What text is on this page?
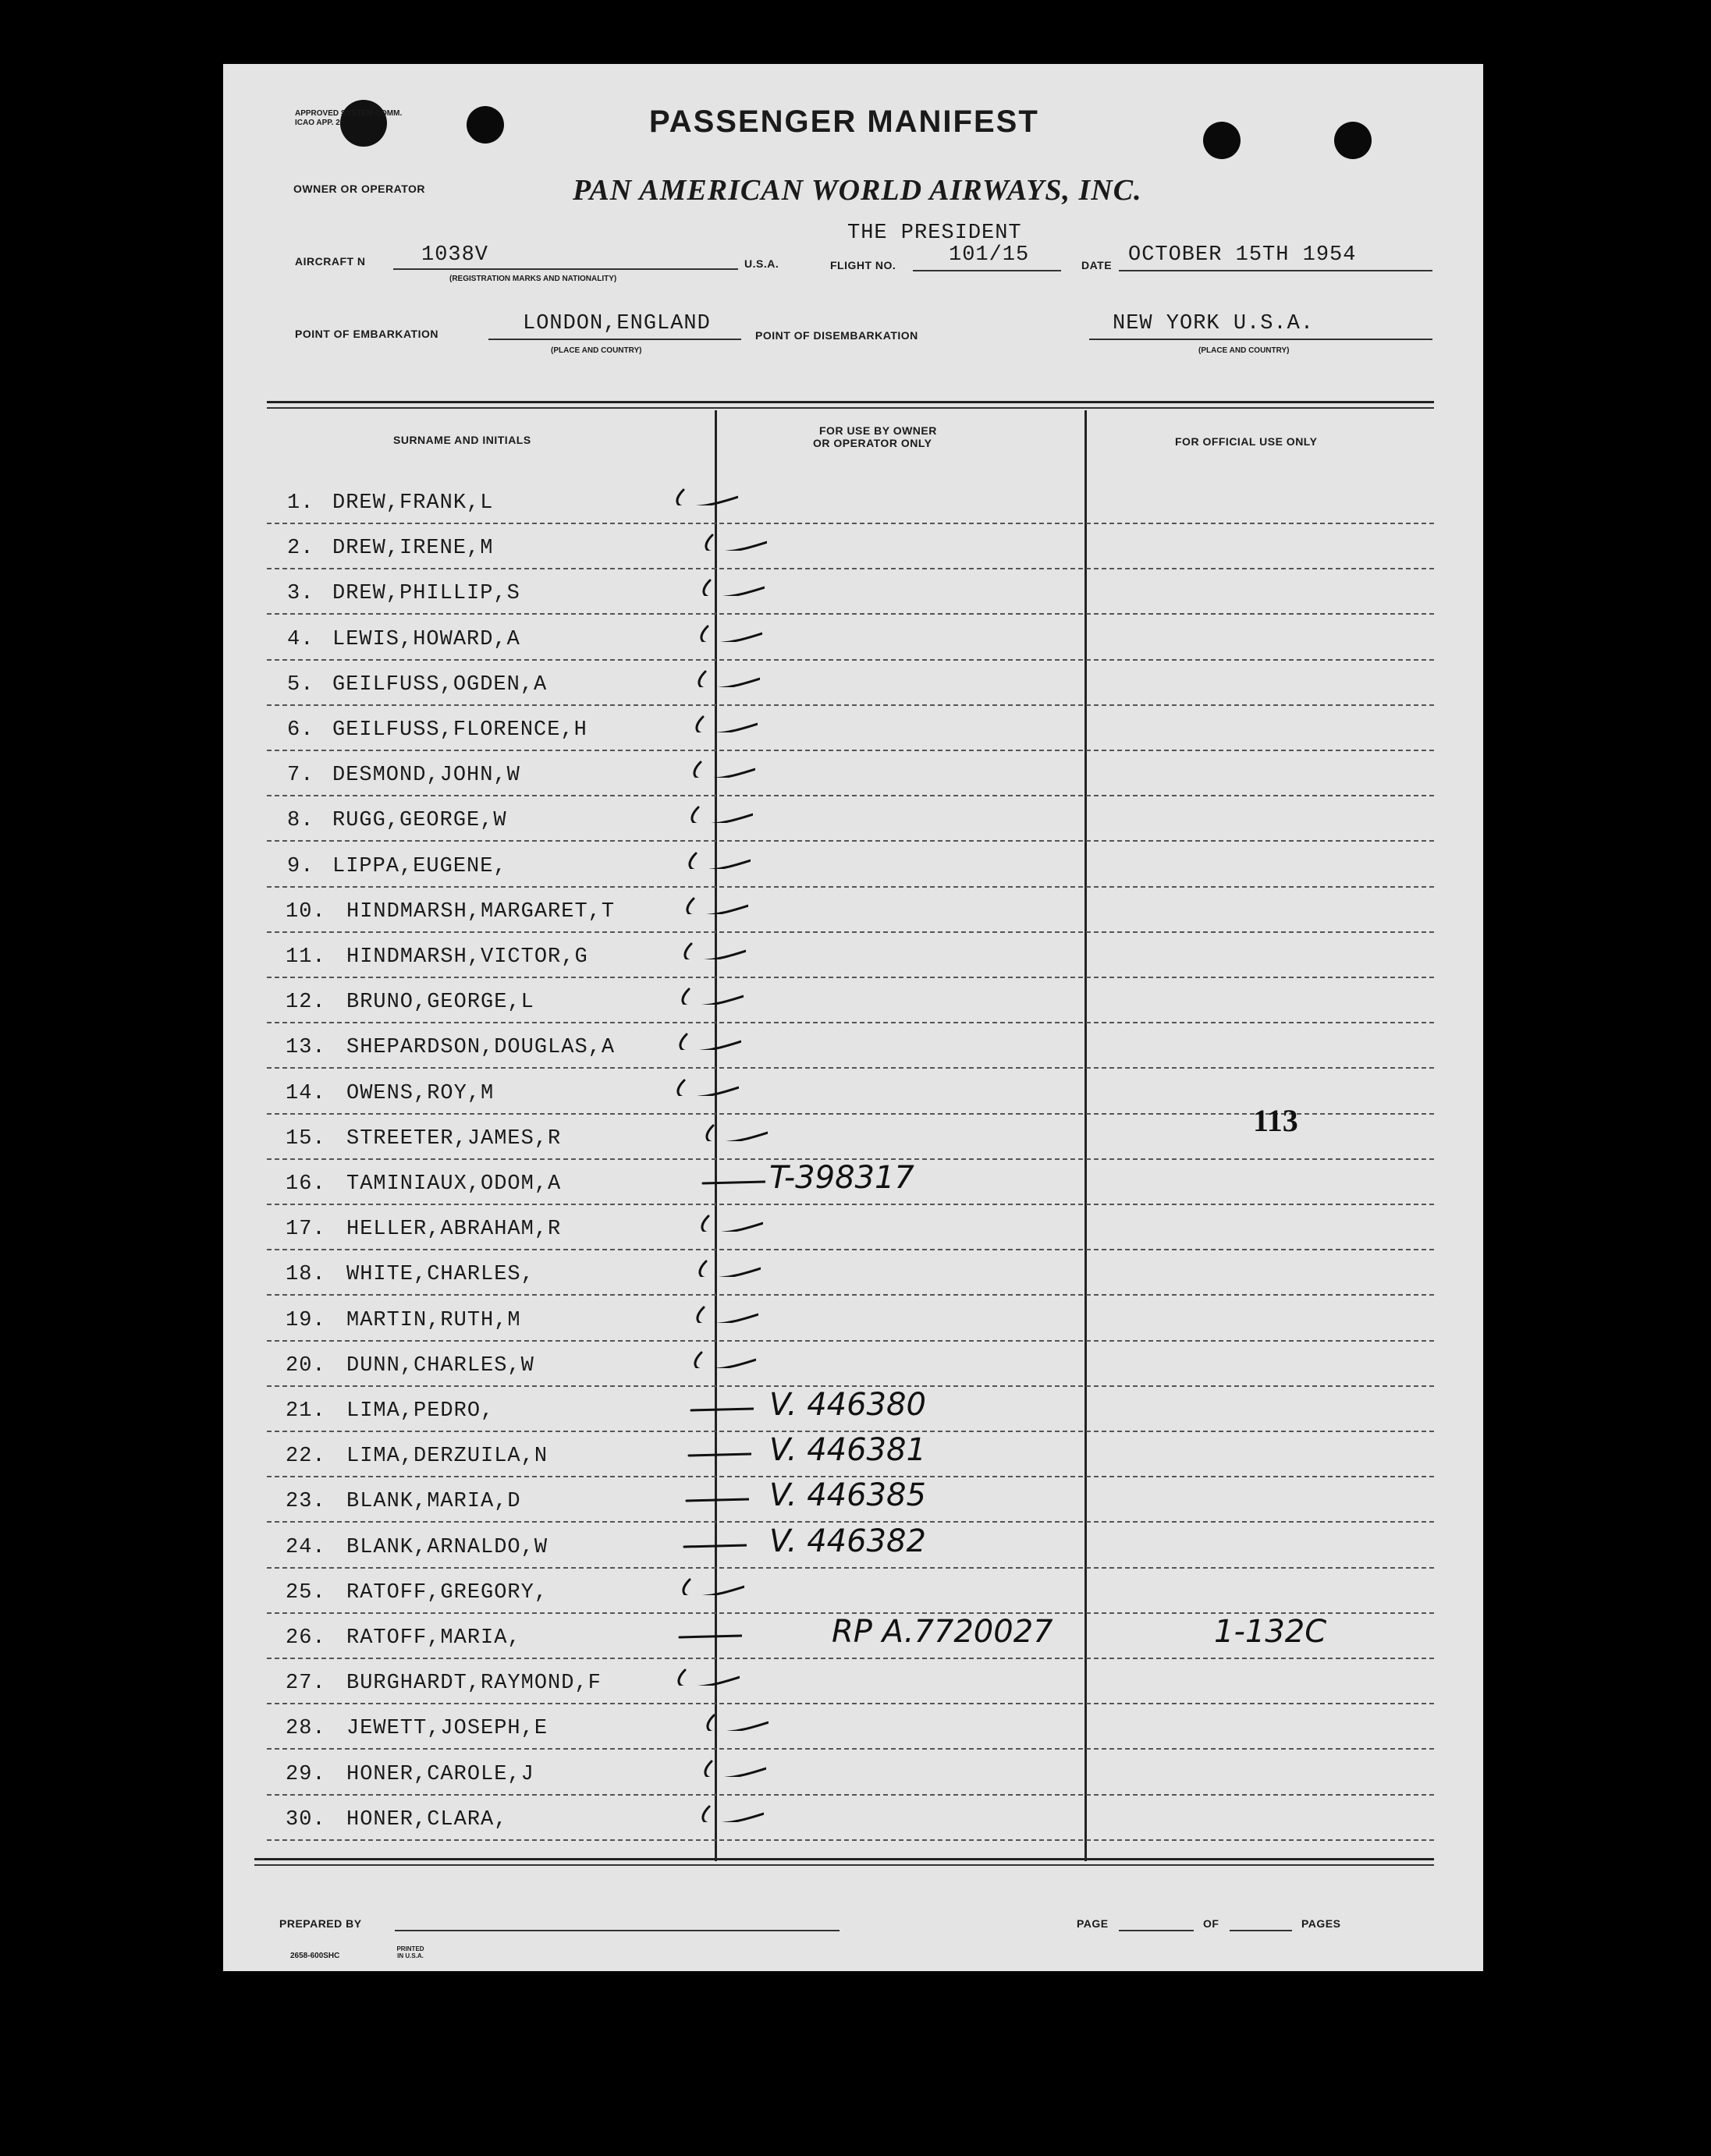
APPROVED SYSTEM COMM. ICAO APP. 2	PASSENGER MANIFEST
OWNER OR OPERATOR	PAN AMERICAN WORLD AIRWAYS, INC.
THE PRESIDENT
AIRCRAFT N	1038V
(REGISTRATION MARKS AND NATIONALITY)
U.S.A.	FLIGHT NO.	101/15	DATE OCTOBER 15TH 1954
POINT OF EMBARKATION	LONDON,ENGLAND
(PLACE AND COUNTRY)
POINT OF DISEMBARKATION	NEW YORK U.S.A.
(PLACE AND COUNTRY)
SURNAME AND INITIALS
FOR USE BY OWNER
OR OPERATOR ONLY	FOR OFFICIAL USE ONLY
1. DREW,FRANK,L
2. DREW,IRENE,M
3. DREW,PHILLIP,S
4. LEWIS,HOWARD,A
5. GEILFUSS,OGDEN,A
6. GEILFUSS,FLORENCE,H
7. DESMOND,JOHN,W
8. RUGG,GEORGE,W
9. LIPPA,EUGENE,
10. HINDMARSH,MARGARET,T
11. HINDMARSH,VICTOR,G
12. BRUNO,GEORGE,L
13. SHEPARDSON,DOUGLAS,A
14. OWENS,ROY,M
15. STREETER,JAMES,R
113
16. TAMINIAUX,ODOM,A	T-398317
17. HELLER,ABRAHAM,R
18. WHITE,CHARLES,
19. MARTIN,RUTH,M
20. DUNN,CHARLES,W
21. LIMA,PEDRO,	V. 446380
22. LIMA,DERZUILA,N	V. 446381
23. BLANK,MARIA,D	V. 446385
24. BLANK,ARNALDO,W	V. 446382
25. RATOFF,GREGORY,
26. RATOFF,MARIA,	RP A.7720027	1-132C
27. BURGHARDT,RAYMOND,F
28. JEWETT,JOSEPH,E
29. HONER,CAROLE,J
30. HONER,CLARA,
PREPARED BY	PAGE	OF	PAGES
2658-600SHC
PRINTED IN U.S.A.
